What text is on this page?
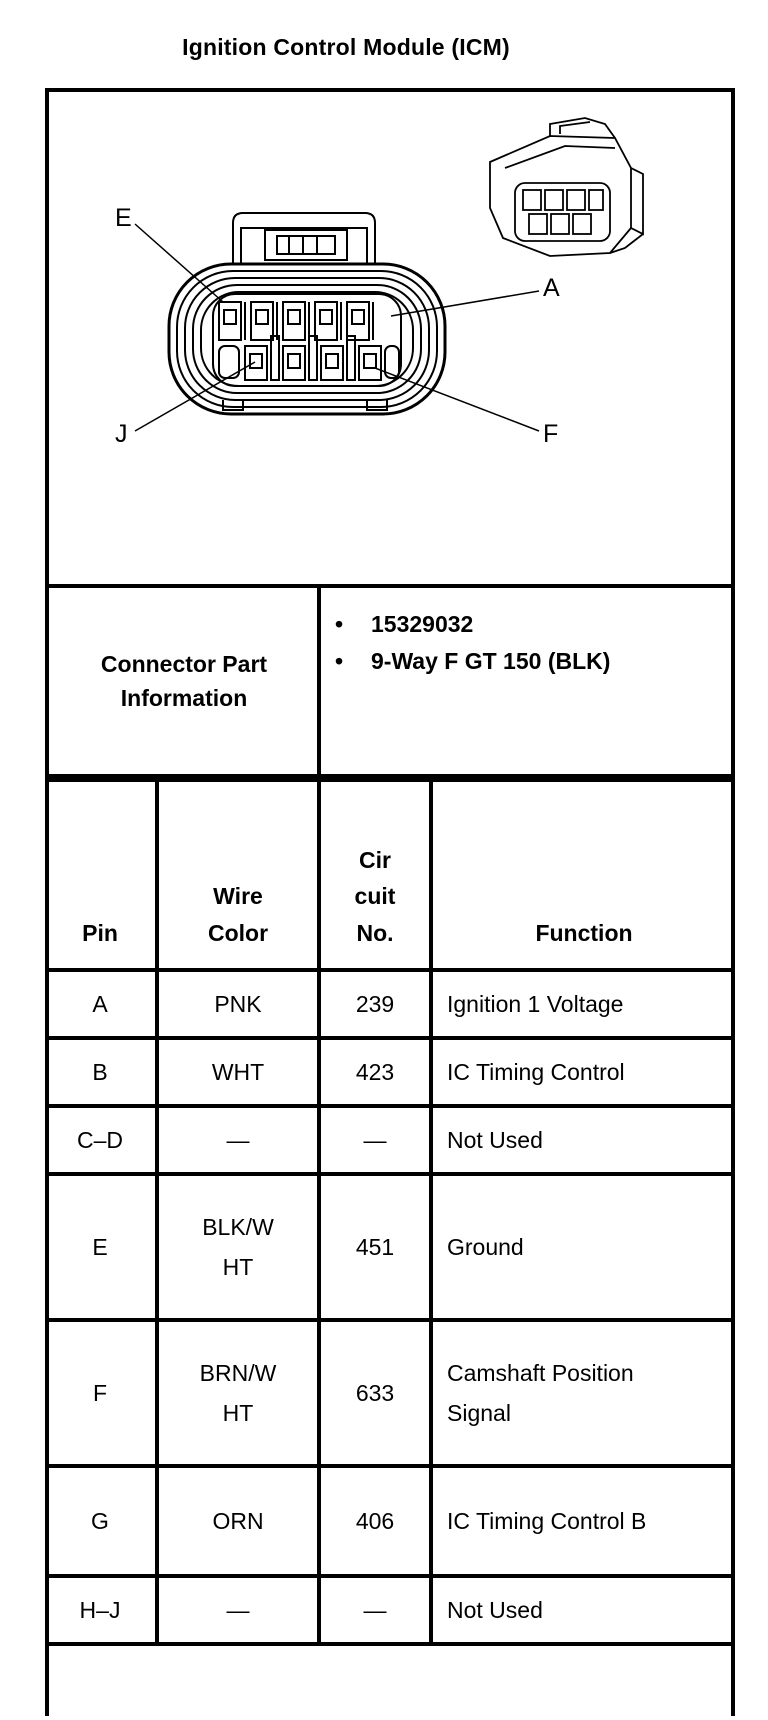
Ignition Control Module (ICM)
E
A
J	F
Connector Part Information
• 15329032
• 9-Way F GT 150 (BLK)
Pin	Wire Color	Cir cuit No.	Function
A	PNK	239	Ignition 1 Voltage
B	WHT	423	IC Timing Control
C–D	—	—	Not Used
E	BLK/W HT	451	Ground
F	BRN/W HT	633	Camshaft Position Signal

G	ORN	406	IC Timing Control B

H–J	—	—	Not Used
